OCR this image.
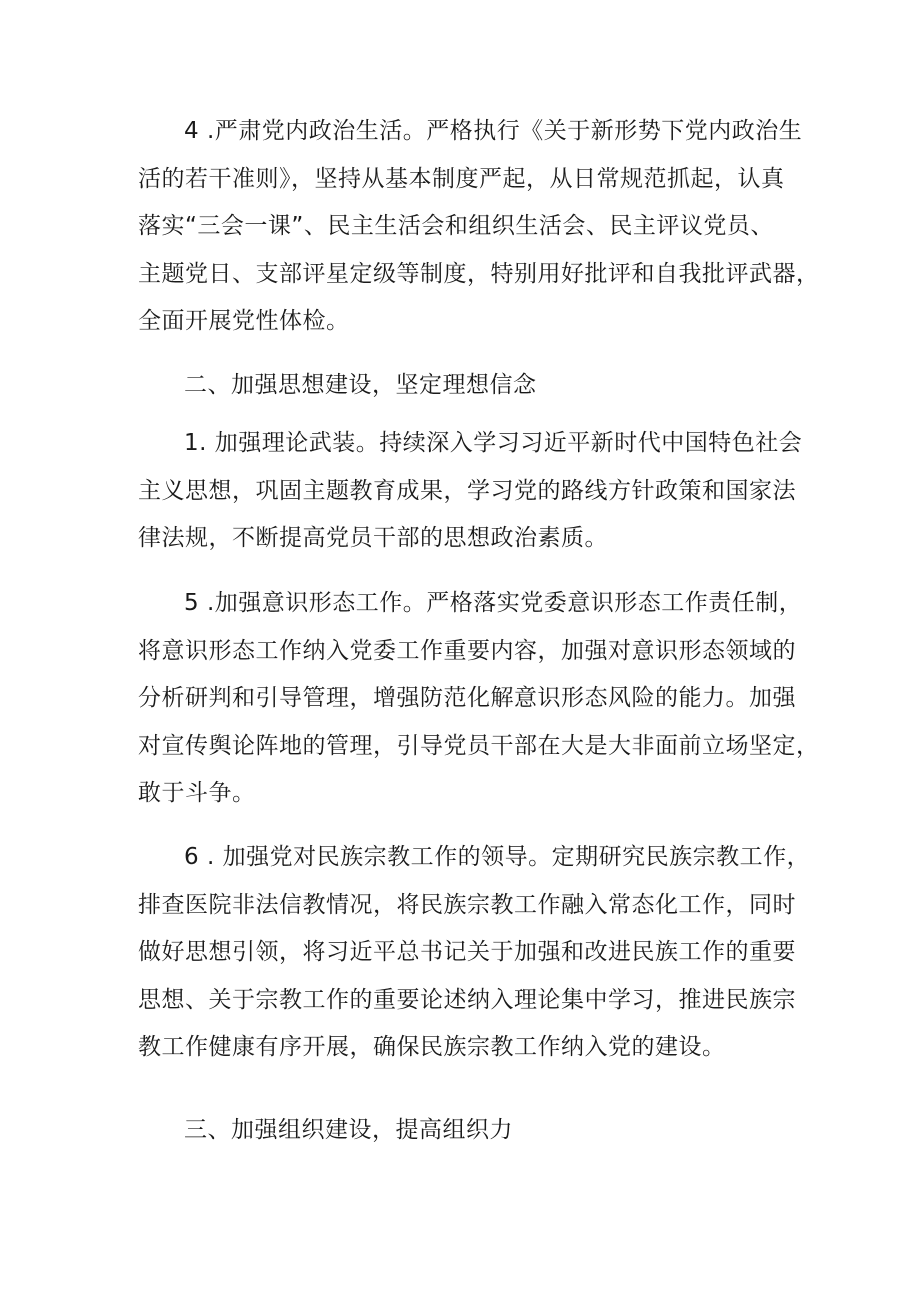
4 .严肃党内政治生活。严格执行《关于新形势下党内政治生
活的若干准则》，坚持从基本制度严起，从日常规范抓起，认真
落实“三会一课”、民主生活会和组织生活会、民主评议党员、
主题党日、支部评星定级等制度，特别用好批评和自我批评武器，
全面开展党性体检。
二、加强思想建设，坚定理想信念
1. 加强理论武装。持续深入学习习近平新时代中国特色社会
主义思想，巩固主题教育成果，学习党的路线方针政策和国家法
律法规，不断提高党员干部的思想政治素质。
5 .加强意识形态工作。严格落实党委意识形态工作责任制，
将意识形态工作纳入党委工作重要内容，加强对意识形态领域的
分析研判和引导管理，增强防范化解意识形态风险的能力。加强
对宣传舆论阵地的管理，引导党员干部在大是大非面前立场坚定，
敢于斗争。
6 . 加强党对民族宗教工作的领导。定期研究民族宗教工作，
排查医院非法信教情况，将民族宗教工作融入常态化工作，同时
做好思想引领，将习近平总书记关于加强和改进民族工作的重要
思想、关于宗教工作的重要论述纳入理论集中学习，推进民族宗
教工作健康有序开展，确保民族宗教工作纳入党的建设。
三、加强组织建设，提高组织力
